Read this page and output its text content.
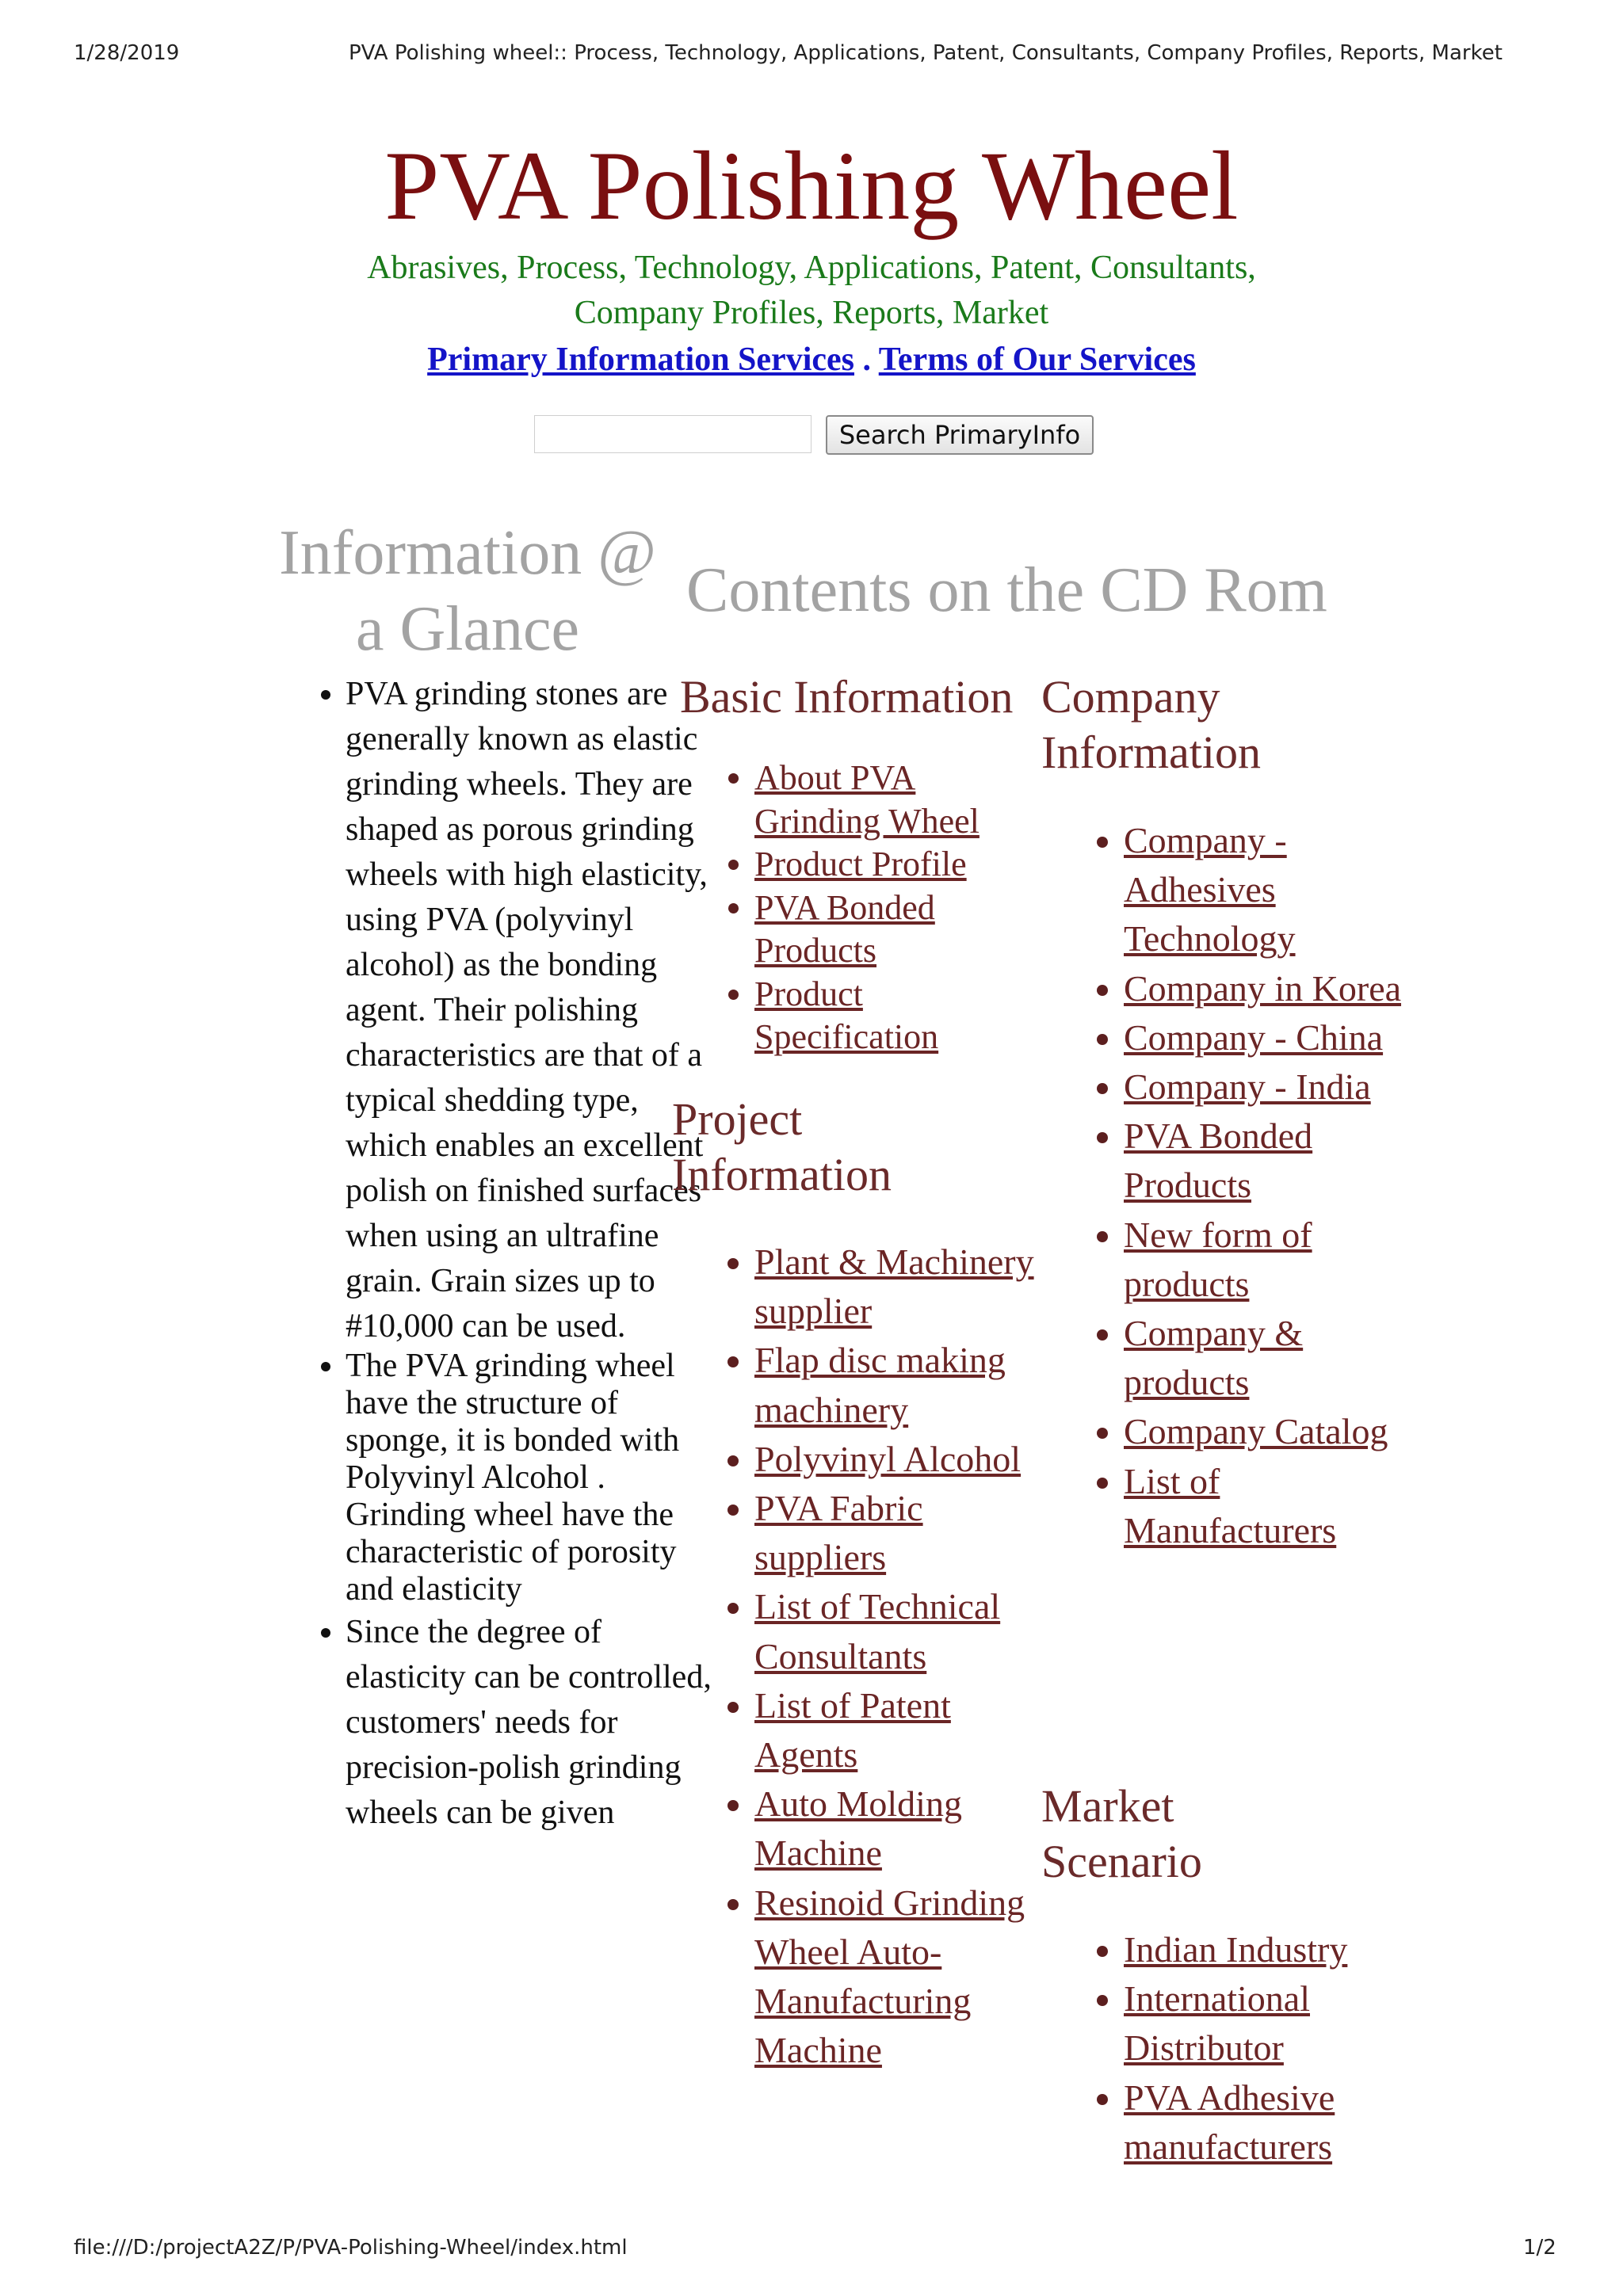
1/28/2019	PVA Polishing wheel:: Process, Technology, Applications, Patent, Consultants, Company Profiles, Reports, Market
PVA Polishing Wheel
Abrasives, Process, Technology, Applications, Patent, Consultants, Company Profiles, Reports, Market
Primary Information Services . Terms of Our Services
Search PrimaryInfo
Information @ a Glance
• PVA grinding stones are generally known as elastic grinding wheels. They are shaped as porous grinding wheels with high elasticity, using PVA (polyvinyl alcohol) as the bonding agent. Their polishing characteristics are that of a typical shedding type, which enables an excellent polish on finished surfaces when using an ultrafine grain. Grain sizes up to #10,000 can be used.
• The PVA grinding wheel have the structure of sponge, it is bonded with Polyvinyl Alcohol . Grinding wheel have the characteristic of porosity and elasticity
• Since the degree of elasticity can be controlled, customers' needs for precision-polish grinding wheels can be given
Contents on the CD Rom
Basic Information
• About PVA Grinding Wheel
• Product Profile
• PVA Bonded Products
• Product Specification
Project Information
• Plant & Machinery supplier
• Flap disc making machinery
• Polyvinyl Alcohol
• PVA Fabric suppliers
• List of Technical Consultants
• List of Patent Agents
• Auto Molding Machine
• Resinoid Grinding Wheel Auto-Manufacturing Machine
Company Information
• Company - Adhesives Technology
• Company in Korea
• Company - China
• Company - India
• PVA Bonded Products
• New form of products
• Company & products
• Company Catalog
• List of Manufacturers
Market Scenario
• Indian Industry
• International Distributor
• PVA Adhesive manufacturers
file:///D:/projectA2Z/P/PVA-Polishing-Wheel/index.html	1/2
